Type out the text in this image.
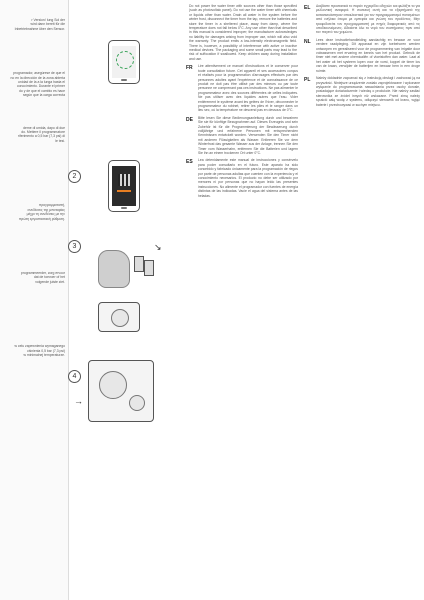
r Version/ Iung Sol der
wird dann bereit für die
Inbetriebnahme über den Sensor.

programador, asegúrese de que el
no en la dirección de la zona abierta
unidad de la a la lunga hasta el
conocimiento. Durante el primer
do y de que el cambio es hace
según que la carga correcta

deme di umida, dapo di due
do. Mettere il programmatore
riferimento a 0,5 bar (7,3 psi) di
le tesi.

προγραμματιστή,
συνδέσεις της μπαταρίας
μέχρι τη συνδέσεις με την
πρώτη εργοστασιακή ρύθμιση.

programmeerder, zorg ervoor
dat de toevoer of het
volgende juiste ziet.

w celu zapewnienia wymaganego
ciśnienia 0,5 bar (7,3 psi)
w minimalnej temperaturze.

2
3	↘
4
→

Do not power the water timer with sources other than those specified (such as photovoltaic panel). Do not use the water timer with chemicals or liquids other than water. Drain all water in the system before the winter frost, disconnect the timer from the tap, remove the batteries and store the timer in a sheltered place, away from damp, where the temperature does not fall below 0°C. Any use other than that described in this manual is considered improper; the manufacturer acknowledges no liability for damages arising from improper use, which will also void the warranty. The product emits a low-intensity electromagnetic field. There is, however, a possibility of interference with active or inactive medical devices. The packaging and some small parts may lead to the risk of suffocation if swallowed. Keep children away during installation and use.

FR	Lire attentivement ce manuel d'instructions et le conserver pour toute consultation future. Cet appareil et ses accessoires conçus et réalisés pour la programmation d'arrosages effectués par des personnes adultes ayant l'expérience et de connaissance de ce produit ne doit pas être utilisé par des mineurs ou par toute personne ne comprenant pas ces instructions. Ne pas alimenter le programmateur avec des sources différentes de celles indiquées. Ne pas utiliser avec des liquides autres que l'eau. Vider entièrement le système avant les gelées de l'hiver, déconnecter le programmateur du robinet, retirer les piles et le ranger dans un lieu sec, où la température ne descend pas en dessous de 0°C.

DE	Bitte lesen Sie diese Bedienungsanleitung durch und bewahren Sie sie für künftige Bezugnahmen auf. Dieses Erzeugnis und sein Zubehör ist für die Programmierung der Bewässerung durch volljährige und erfahrene Personen mit entsprechenden Kenntnissen entwickelt worden. Verwenden Sie den Timer nicht mit anderen Flüssigkeiten als Wasser. Entleeren Sie vor dem Winterfrost das gesamte Wasser aus der Anlage, trennen Sie den Timer vom Wasserhahn, entfernen Sie die Batterien und lagern Sie ihn an einem trockenen Ort unter 0°C.

ES	Lea detenidamente este manual de instrucciones y consérvelo para poder consultarlo en el futuro. Este aparato ha sido concebido y fabricado únicamente para la programación de riegos por parte de personas adultas que cuenten con la experiencia y el conocimiento necesarios. El producto no debe ser utilizado por menores ni por personas que no hayan leído las presentes instrucciones. No alimente el programador con fuentes de energía distintas de las indicadas. Vacíe el agua del sistema antes de las heladas.

EL	Διαβάστε προσεκτικά το παρόν εγχειρίδιο οδηγιών και φυλάξτε το για μελλοντική αναφορά. Η συσκευή αυτή και τα εξαρτήματά της κατασκευάστηκαν αποκλειστικά για τον προγραμματισμό ποτισμάτων από ενήλικα άτομα με εμπειρία και γνώση του προϊόντος. Μην τροφοδοτείτε τον προγραμματιστή με πηγές διαφορετικές από τις υποδεικνυόμενες. Αδειάστε όλο το νερό του συστήματος πριν από τον παγετό του χειμώνα.

NL	Lees deze instructiehandleiding aandachtig en bewaar ze voor verdere raadpleging. Dit apparaat en zijn toebehoren werden ontworpen en gerealiseerd voor de programmering van irrigatie door volwassenen met ervaring en kennis van het product. Gebruik de timer niet met andere chemicaliën of vloeistoffen dan water. Laat al het water uit het systeem lopen voor de vorst, koppel de timer los van de kraan, verwijder de batterijen en bewaar hem in een droge ruimte.

PL	Należy dokładnie zapoznać się z instrukcją obsługi i zachować ją na przyszłość. Niniejsze urządzenie zostało zaprojektowane i wykonane wyłącznie do programowania nawadniania przez osoby dorosłe, posiadające doświadczenie i wiedzę o produkcie. Nie należy zasilać sterownika ze źródeł innych niż wskazane. Przed zimą należy spuścić całą wodę z systemu, odłączyć sterownik od kranu, wyjąć baterie i przechowywać w suchym miejscu.
